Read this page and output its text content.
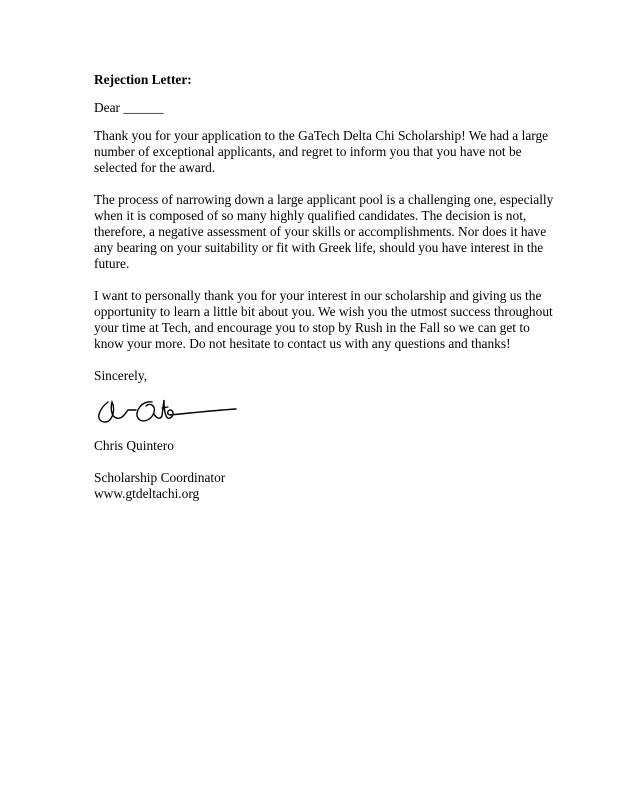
Rejection Letter:

Dear ______

Thank you for your application to the GaTech Delta Chi Scholarship! We had a large number of exceptional applicants, and regret to inform you that you have not be selected for the award.

The process of narrowing down a large applicant pool is a challenging one, especially when it is composed of so many highly qualified candidates. The decision is not, therefore, a negative assessment of your skills or accomplishments. Nor does it have any bearing on your suitability or fit with Greek life, should you have interest in the future.

I want to personally thank you for your interest in our scholarship and giving us the opportunity to learn a little bit about you. We wish you the utmost success throughout your time at Tech, and encourage you to stop by Rush in the Fall so we can get to know your more. Do not hesitate to contact us with any questions and thanks!

Sincerely,

Chris Quintero

Scholarship Coordinator

www.gtdeltachi.org
